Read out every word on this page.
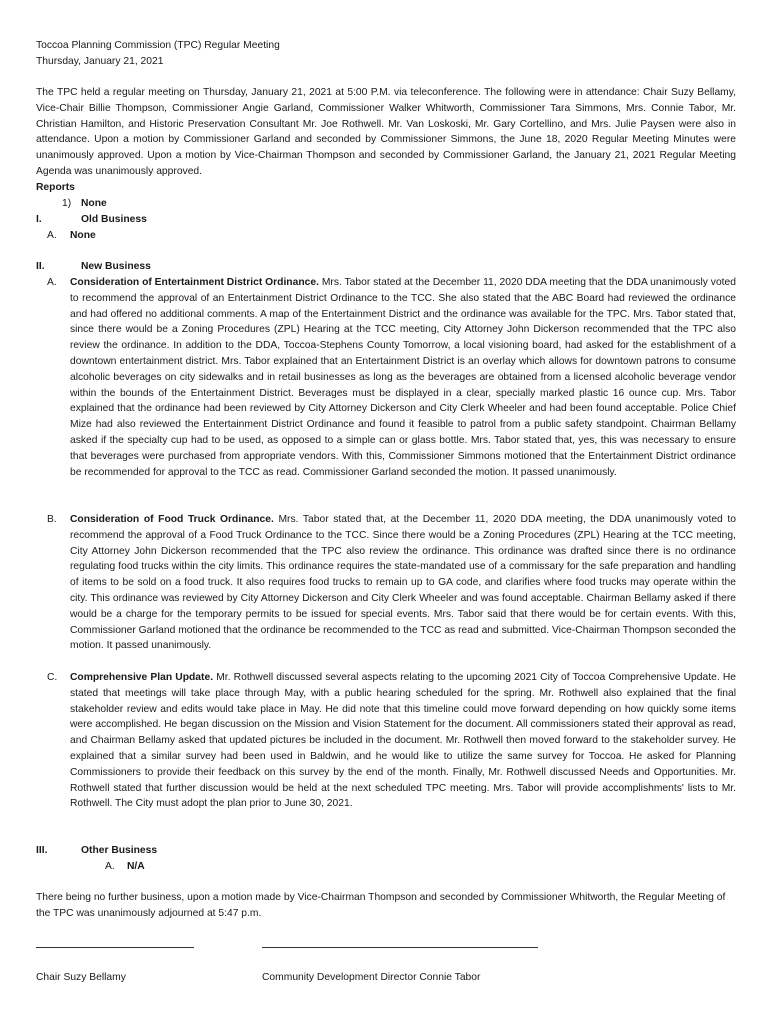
Toccoa Planning Commission (TPC) Regular Meeting
Thursday, January 21, 2021
The TPC held a regular meeting on Thursday, January 21, 2021 at 5:00 P.M. via teleconference. The following were in attendance: Chair Suzy Bellamy, Vice-Chair Billie Thompson, Commissioner Angie Garland, Commissioner Walker Whitworth, Commissioner Tara Simmons, Mrs. Connie Tabor, Mr. Christian Hamilton, and Historic Preservation Consultant Mr. Joe Rothwell. Mr. Van Loskoski, Mr. Gary Cortellino, and Mrs. Julie Paysen were also in attendance. Upon a motion by Commissioner Garland and seconded by Commissioner Simmons, the June 18, 2020 Regular Meeting Minutes were unanimously approved. Upon a motion by Vice-Chairman Thompson and seconded by Commissioner Garland, the January 21, 2021 Regular Meeting Agenda was unanimously approved.
Reports
1) None
I.	Old Business
A. None
II.	New Business
A. Consideration of Entertainment District Ordinance. Mrs. Tabor stated at the December 11, 2020 DDA meeting that the DDA unanimously voted to recommend the approval of an Entertainment District Ordinance to the TCC. She also stated that the ABC Board had reviewed the ordinance and had offered no additional comments. A map of the Entertainment District and the ordinance was available for the TPC. Mrs. Tabor stated that, since there would be a Zoning Procedures (ZPL) Hearing at the TCC meeting, City Attorney John Dickerson recommended that the TPC also review the ordinance. In addition to the DDA, Toccoa-Stephens County Tomorrow, a local visioning board, had asked for the establishment of a downtown entertainment district. Mrs. Tabor explained that an Entertainment District is an overlay which allows for downtown patrons to consume alcoholic beverages on city sidewalks and in retail businesses as long as the beverages are obtained from a licensed alcoholic beverage vendor within the bounds of the Entertainment District. Beverages must be displayed in a clear, specially marked plastic 16 ounce cup. Mrs. Tabor explained that the ordinance had been reviewed by City Attorney Dickerson and City Clerk Wheeler and had been found acceptable. Police Chief Mize had also reviewed the Entertainment District Ordinance and found it feasible to patrol from a public safety standpoint. Chairman Bellamy asked if the specialty cup had to be used, as opposed to a simple can or glass bottle. Mrs. Tabor stated that, yes, this was necessary to ensure that beverages were purchased from appropriate vendors. With this, Commissioner Simmons motioned that the Entertainment District ordinance be recommended for approval to the TCC as read. Commissioner Garland seconded the motion. It passed unanimously.
B. Consideration of Food Truck Ordinance. Mrs. Tabor stated that, at the December 11, 2020 DDA meeting, the DDA unanimously voted to recommend the approval of a Food Truck Ordinance to the TCC. Since there would be a Zoning Procedures (ZPL) Hearing at the TCC meeting, City Attorney John Dickerson recommended that the TPC also review the ordinance. This ordinance was drafted since there is no ordinance regulating food trucks within the city limits. This ordinance requires the state-mandated use of a commissary for the safe preparation and handling of items to be sold on a food truck. It also requires food trucks to remain up to GA code, and clarifies where food trucks may operate within the city. This ordinance was reviewed by City Attorney Dickerson and City Clerk Wheeler and was found acceptable. Chairman Bellamy asked if there would be a charge for the temporary permits to be issued for special events. Mrs. Tabor said that there would be for certain events. With this, Commissioner Garland motioned that the ordinance be recommended to the TCC as read and submitted. Vice-Chairman Thompson seconded the motion. It passed unanimously.
C. Comprehensive Plan Update. Mr. Rothwell discussed several aspects relating to the upcoming 2021 City of Toccoa Comprehensive Update. He stated that meetings will take place through May, with a public hearing scheduled for the spring. Mr. Rothwell also explained that the final stakeholder review and edits would take place in May. He did note that this timeline could move forward depending on how quickly some items were accomplished. He began discussion on the Mission and Vision Statement for the document. All commissioners stated their approval as read, and Chairman Bellamy asked that updated pictures be included in the document. Mr. Rothwell then moved forward to the stakeholder survey. He explained that a similar survey had been used in Baldwin, and he would like to utilize the same survey for Toccoa. He asked for Planning Commissioners to provide their feedback on this survey by the end of the month. Finally, Mr. Rothwell discussed Needs and Opportunities. Mr. Rothwell stated that further discussion would be held at the next scheduled TPC meeting. Mrs. Tabor will provide accomplishments' lists to Mr. Rothwell. The City must adopt the plan prior to June 30, 2021.
III.	Other Business
A. N/A
There being no further business, upon a motion made by Vice-Chairman Thompson and seconded by Commissioner Whitworth, the Regular Meeting of the TPC was unanimously adjourned at 5:47 p.m.
Chair Suzy Bellamy	Community Development Director Connie Tabor
